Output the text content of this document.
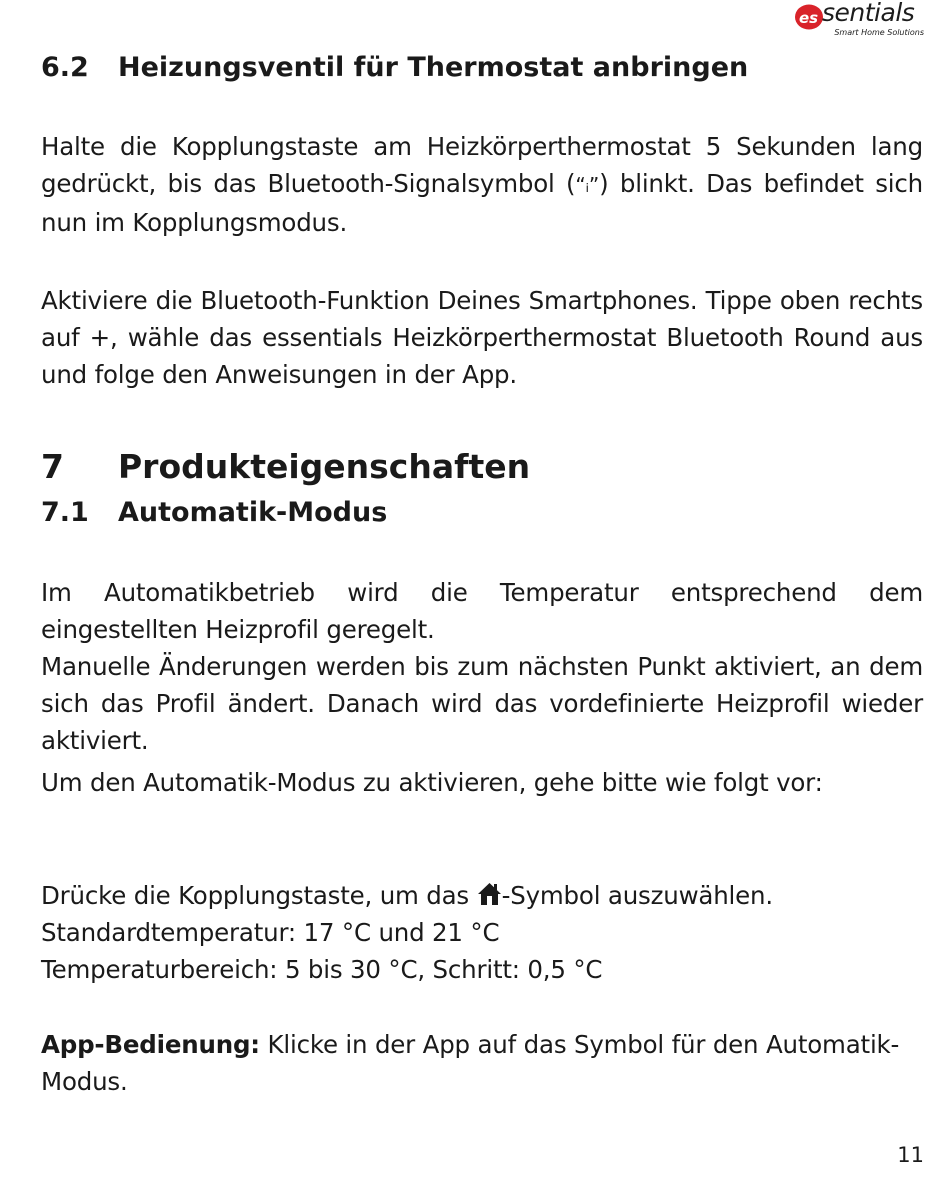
es sentials
Smart Home Solutions
6.2 Heizungsventil für Thermostat anbringen

Halte die Kopplungstaste am Heizkörperthermostat 5 Sekunden lang gedrückt, bis das Bluetooth-Signalsymbol (“ᵢ”) blinkt. Das befindet sich nun im Kopplungsmodus.

Aktiviere die Bluetooth-Funktion Deines Smartphones. Tippe oben rechts auf +, wähle das essentials Heizkörperthermostat Bluetooth Round aus und folge den Anweisungen in der App.

7 Produkteigenschaften
7.1 Automatik-Modus

Im Automatikbetrieb wird die Temperatur entsprechend dem eingestellten Heizprofil geregelt.

Manuelle Änderungen werden bis zum nächsten Punkt aktiviert, an dem sich das Profil ändert. Danach wird das vordefinierte Heizprofil wieder aktiviert.

Um den Automatik-Modus zu aktivieren, gehe bitte wie folgt vor:

Drücke die Kopplungstaste, um das -Symbol auszuwählen.

Standardtemperatur: 17 °C und 21 °C

Temperaturbereich: 5 bis 30 °C, Schritt: 0,5 °C

App-Bedienung: Klicke in der App auf das Symbol für den Automatik-Modus.

11
